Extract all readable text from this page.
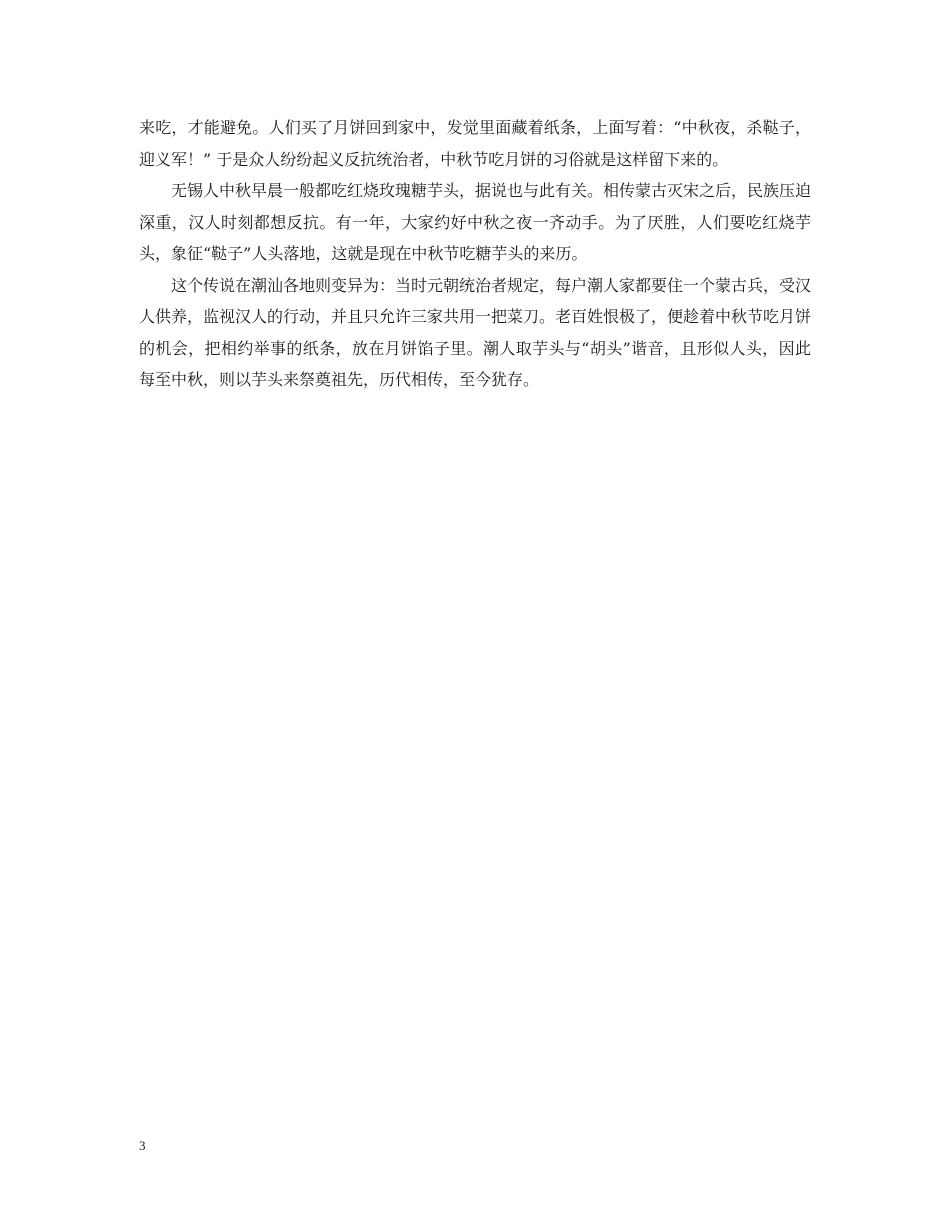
来吃，才能避免。人们买了月饼回到家中，发觉里面藏着纸条，上面写着：“中秋夜，杀鞑子，迎义军！” 于是众人纷纷起义反抗统治者，中秋节吃月饼的习俗就是这样留下来的。

无锡人中秋早晨一般都吃红烧玫瑰糖芋头，据说也与此有关。相传蒙古灭宋之后，民族压迫深重，汉人时刻都想反抗。有一年，大家约好中秋之夜一齐动手。为了厌胜，人们要吃红烧芋头，象征“鞑子”人头落地，这就是现在中秋节吃糖芋头的来历。

这个传说在潮汕各地则变异为：当时元朝统治者规定，每户潮人家都要住一个蒙古兵，受汉人供养，监视汉人的行动，并且只允许三家共用一把菜刀。老百姓恨极了，便趁着中秋节吃月饼的机会，把相约举事的纸条，放在月饼馅子里。潮人取芋头与“胡头”谐音，且形似人头，因此每至中秋，则以芋头来祭奠祖先，历代相传，至今犹存。

3
